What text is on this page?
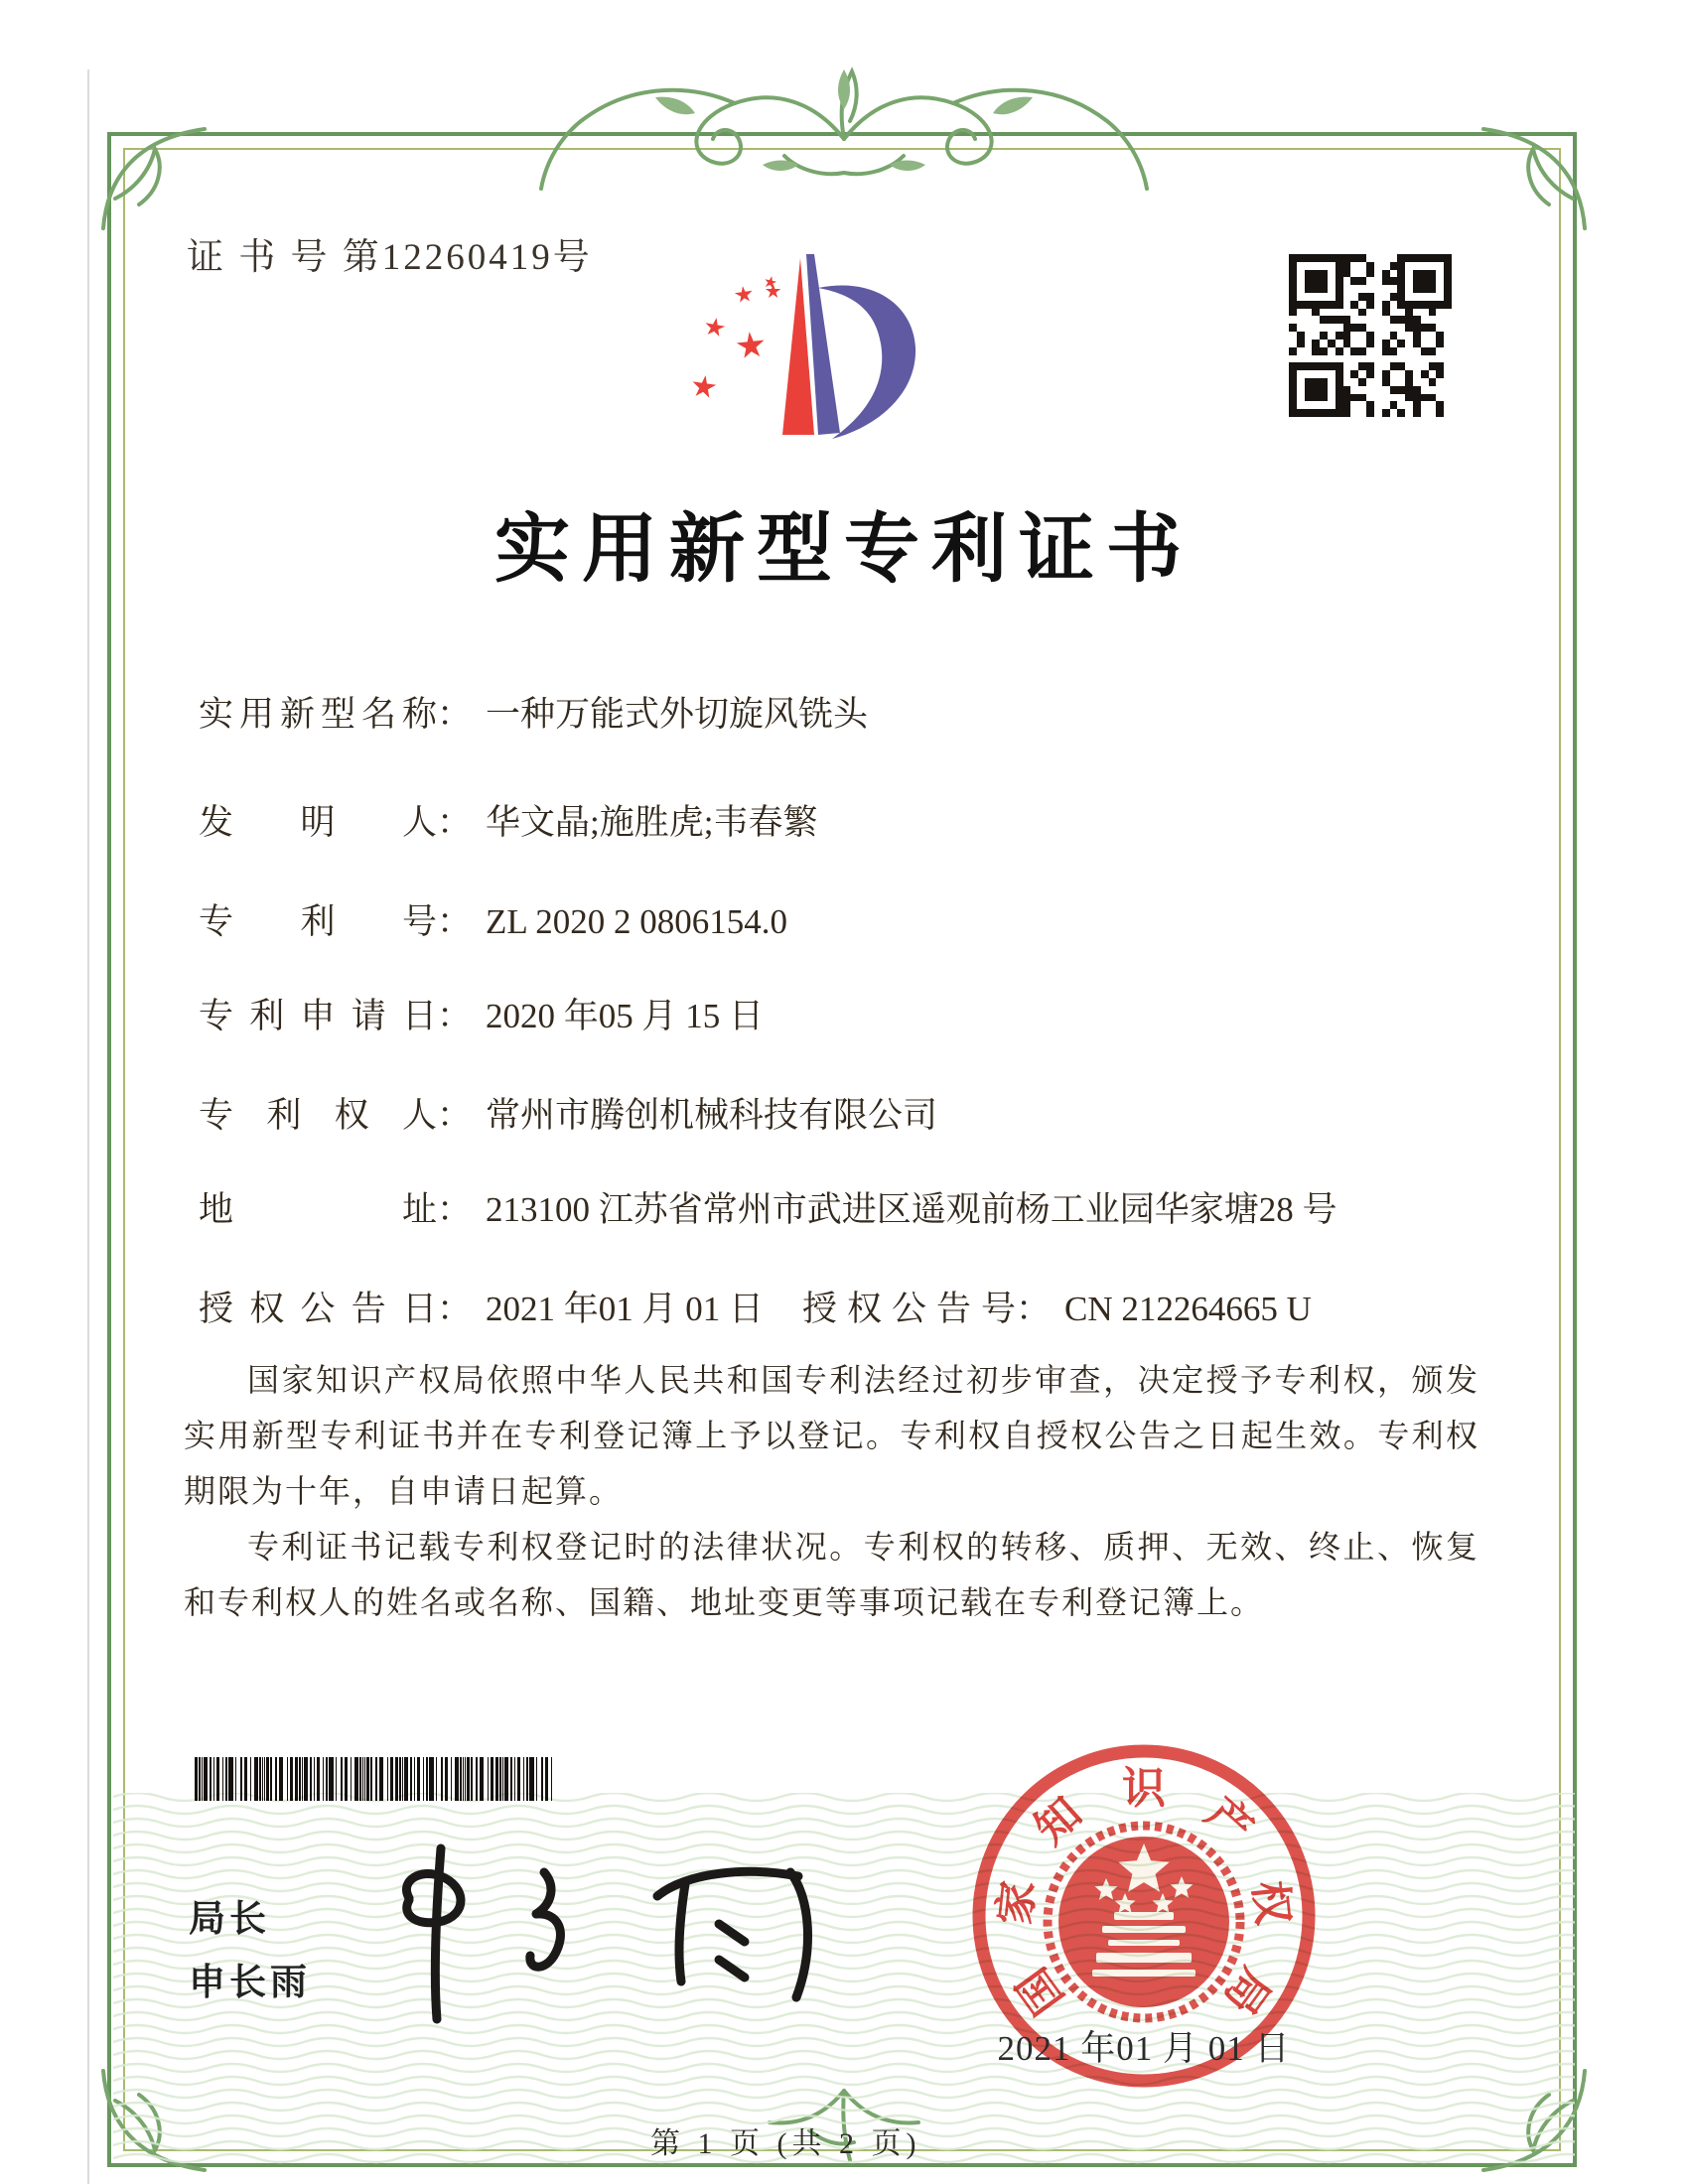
证 书 号 第12260419号
实用新型专利证书
实用新型名称： 一种万能式外切旋风铣头
发明人： 华文晶;施胜虎;韦春繁
专利号： ZL 2020 2 0806154.0
专利申请日： 2020 年05 月 15 日
专利权人： 常州市腾创机械科技有限公司
地址： 213100 江苏省常州市武进区遥观前杨工业园华家塘28 号
授权公告日： 2021 年01 月 01 日 授权公告号： CN 212264665 U

国家知识产权局依照中华人民共和国专利法经过初步审查，决定授予专利权，颁发实用新型专利证书并在专利登记簿上予以登记。专利权自授权公告之日起生效。专利权期限为十年，自申请日起算。

专利证书记载专利权登记时的法律状况。专利权的转移、质押、无效、终止、恢复和专利权人的姓名或名称、国籍、地址变更等事项记载在专利登记簿上。

局长
申长雨	国
家
知
识
产
权
局
2021 年01 月 01 日
第 1 页 (共 2 页)
